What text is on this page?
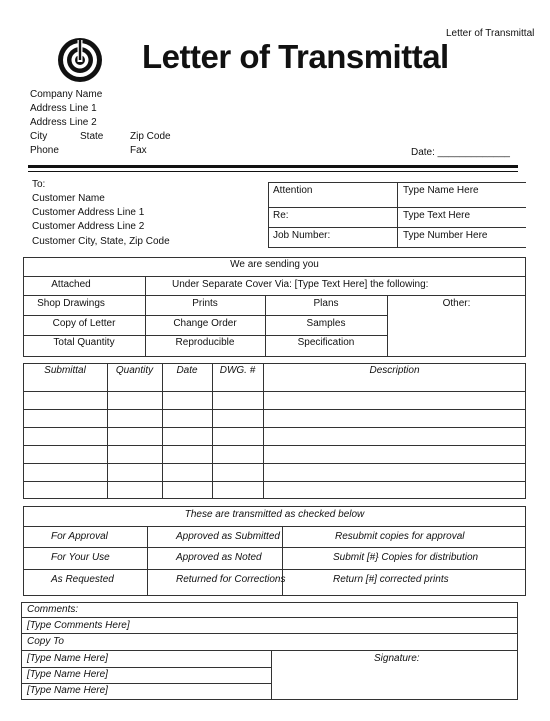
Letter of Transmittal
Letter of Transmittal
Company Name
Address Line 1
Address Line 2
City	State	Zip Code
Phone	Fax	Date: _____________
To:
Customer Name
Customer Address Line 1
Customer Address Line 2
Customer City, State, Zip Code
Attention	Type Name Here
Re:	Type Text Here
Job Number:	Type Number Here
We are sending you
Attached	Under Separate Cover Via: [Type Text Here] the following:
Shop Drawings	Prints	Plans	Other:
Copy of Letter	Change Order	Samples
Total Quantity	Reproducible	Specification
Submittal	Quantity	Date	DWG. #	Description
These are transmitted as checked below
For Approval	Approved as Submitted	Resubmit copies for approval
For Your Use	Approved as Noted	Submit [#} Copies for distribution
As Requested	Returned for Corrections	Return [#] corrected prints
Comments:
[Type Comments Here]
Copy To
[Type Name Here]
[Type Name Here]
[Type Name Here]
Signature:
